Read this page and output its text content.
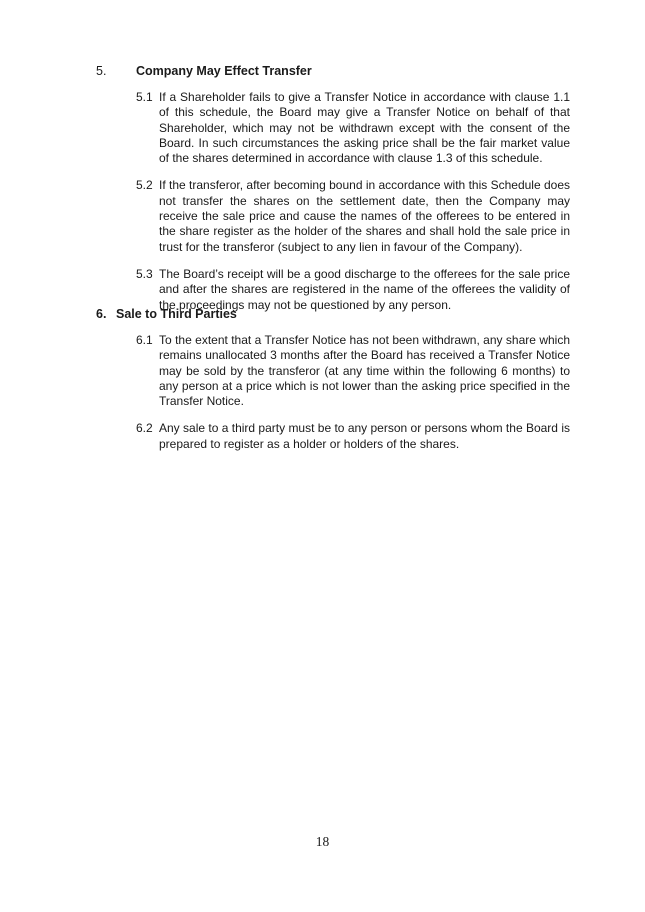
5. Company May Effect Transfer
5.1 If a Shareholder fails to give a Transfer Notice in accordance with clause 1.1 of this schedule, the Board may give a Transfer Notice on behalf of that Shareholder, which may not be withdrawn except with the consent of the Board. In such circumstances the asking price shall be the fair market value of the shares determined in accordance with clause 1.3 of this schedule.
5.2 If the transferor, after becoming bound in accordance with this Schedule does not transfer the shares on the settlement date, then the Company may receive the sale price and cause the names of the offerees to be entered in the share register as the holder of the shares and shall hold the sale price in trust for the transferor (subject to any lien in favour of the Company).
5.3 The Board’s receipt will be a good discharge to the offerees for the sale price and after the shares are registered in the name of the offerees the validity of the proceedings may not be questioned by any person.
6. Sale to Third Parties
6.1 To the extent that a Transfer Notice has not been withdrawn, any share which remains unallocated 3 months after the Board has received a Transfer Notice may be sold by the transferor (at any time within the following 6 months) to any person at a price which is not lower than the asking price specified in the Transfer Notice.
6.2 Any sale to a third party must be to any person or persons whom the Board is prepared to register as a holder or holders of the shares.
18
